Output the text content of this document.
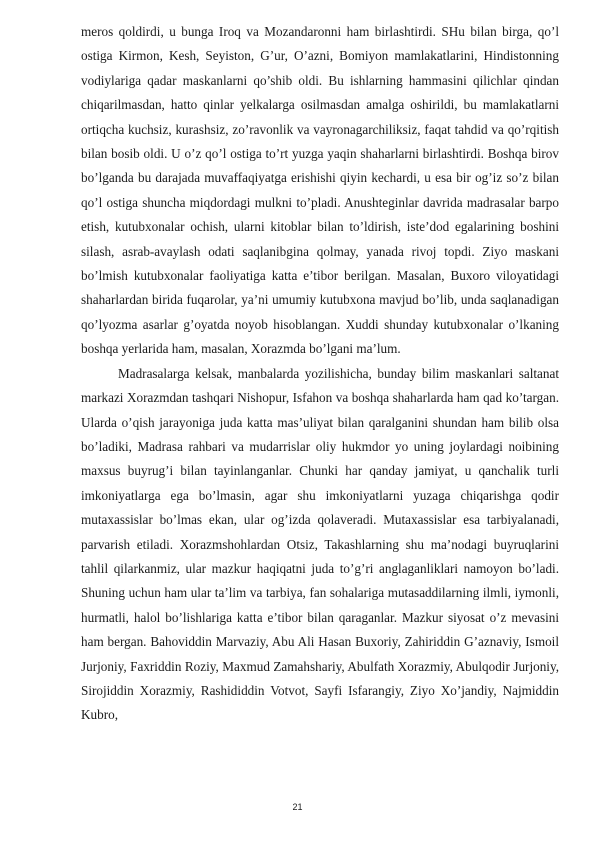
meros qoldirdi, u bunga Iroq va Mozandaronni ham birlashtirdi. SHu bilan birga, qo’l ostiga Kirmon, Kesh, Seyiston, G’ur, O’azni, Bomiyon mamlakatlarini, Hindistonning vodiylariga qadar maskanlarni qo’shib oldi. Bu ishlarning hammasini qilichlar qindan chiqarilmasdan, hatto qinlar yelkalarga osilmasdan amalga oshirildi, bu mamlakatlarni ortiqcha kuchsiz, kurashsiz, zo’ravonlik va vayronagarchiliksiz, faqat tahdid va qo’rqitish bilan bosib oldi. U o’z qo’l ostiga to’rt yuzga yaqin shaharlarni birlashtirdi. Boshqa birov bo’lganda bu darajada muvaffaqiyatga erishishi qiyin kechardi, u esa bir og’iz so’z bilan qo’l ostiga shuncha miqdordagi mulkni to’pladi. Anushteginlar davrida madrasalar barpo etish, kutubxonalar ochish, ularni kitoblar bilan to’ldirish, iste’dod egalarining boshini silash, asrab-avaylash odati saqlanibgina qolmay, yanada rivoj topdi. Ziyo maskani bo’lmish kutubxonalar faoliyatiga katta e’tibor berilgan. Masalan, Buxoro viloyatidagi shaharlardan birida fuqarolar, ya’ni umumiy kutubxona mavjud bo’lib, unda saqlanadigan qo’lyozma asarlar g’oyatda noyob hisoblangan. Xuddi shunday kutubxonalar o’lkaning boshqa yerlarida ham, masalan, Xorazmda bo’lgani ma’lum.

Madrasalarga kelsak, manbalarda yozilishicha, bunday bilim maskanlari saltanat markazi Xorazmdan tashqari Nishopur, Isfahon va boshqa shaharlarda ham qad ko’targan. Ularda o’qish jarayoniga juda katta mas’uliyat bilan qaralganini shundan ham bilib olsa bo’ladiki, Madrasa rahbari va mudarrislar oliy hukmdor yo uning joylardagi noibining maxsus buyrug’i bilan tayinlanganlar. Chunki har qanday jamiyat, u qanchalik turli imkoniyatlarga ega bo’lmasin, agar shu imkoniyatlarni yuzaga chiqarishga qodir mutaxassislar bo’lmas ekan, ular og’izda qolaveradi. Mutaxassislar esa tarbiyalanadi, parvarish etiladi. Xorazmshohlardan Otsiz, Takashlarning shu ma’nodagi buyruqlarini tahlil qilarkanmiz, ular mazkur haqiqatni juda to’g’ri anglaganliklari namoyon bo’ladi. Shuning uchun ham ular ta’lim va tarbiya, fan sohalariga mutasaddilarning ilmli, iymonli, hurmatli, halol bo’lishlariga katta e’tibor bilan qaraganlar. Mazkur siyosat o’z mevasini ham bergan. Bahoviddin Marvaziy, Abu Ali Hasan Buxoriy, Zahiriddin G’aznaviy, Ismoil Jurjoniy, Faxriddin Roziy, Maxmud Zamahshariy, Abulfath Xorazmiy, Abulqodir Jurjoniy, Sirojiddin Xorazmiy, Rashididdin Votvot, Sayfi Isfarangiy, Ziyo Xo’jandiy, Najmiddin Kubro,

21
